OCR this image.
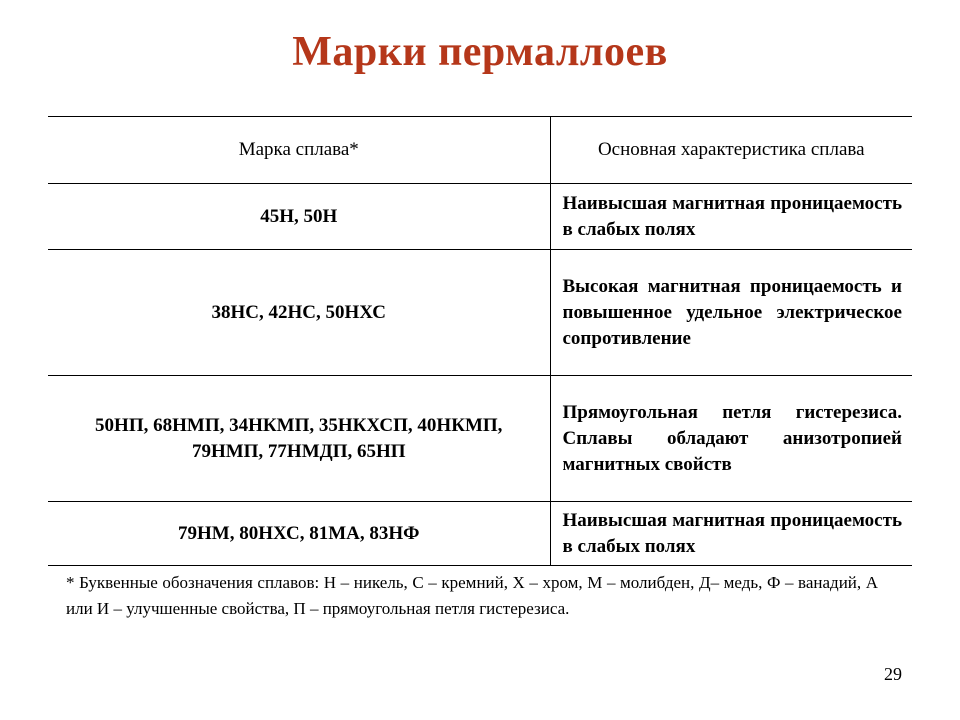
Марки пермаллоев
Марка сплава*	Основная характеристика сплава
45Н, 50Н	Наивысшая магнитная проницаемость в слабых полях
38НС, 42НС, 50НХС	Высокая магнитная проницаемость и повышенное удельное электрическое сопротивление
50НП, 68НМП, 34НКМП, 35НКХСП, 40НКМП, 79НМП, 77НМДП, 65НП	Прямоугольная петля гистерезиса. Сплавы обладают анизотропией магнитных свойств
79НМ, 80НХС, 81МА, 83НФ	Наивысшая магнитная проницаемость в слабых полях
* Буквенные обозначения сплавов: Н – никель, С – кремний, Х – хром, М – молибден, Д– медь, Ф – ванадий, А или И – улучшенные свойства, П – прямоугольная петля гистерезиса.
29
